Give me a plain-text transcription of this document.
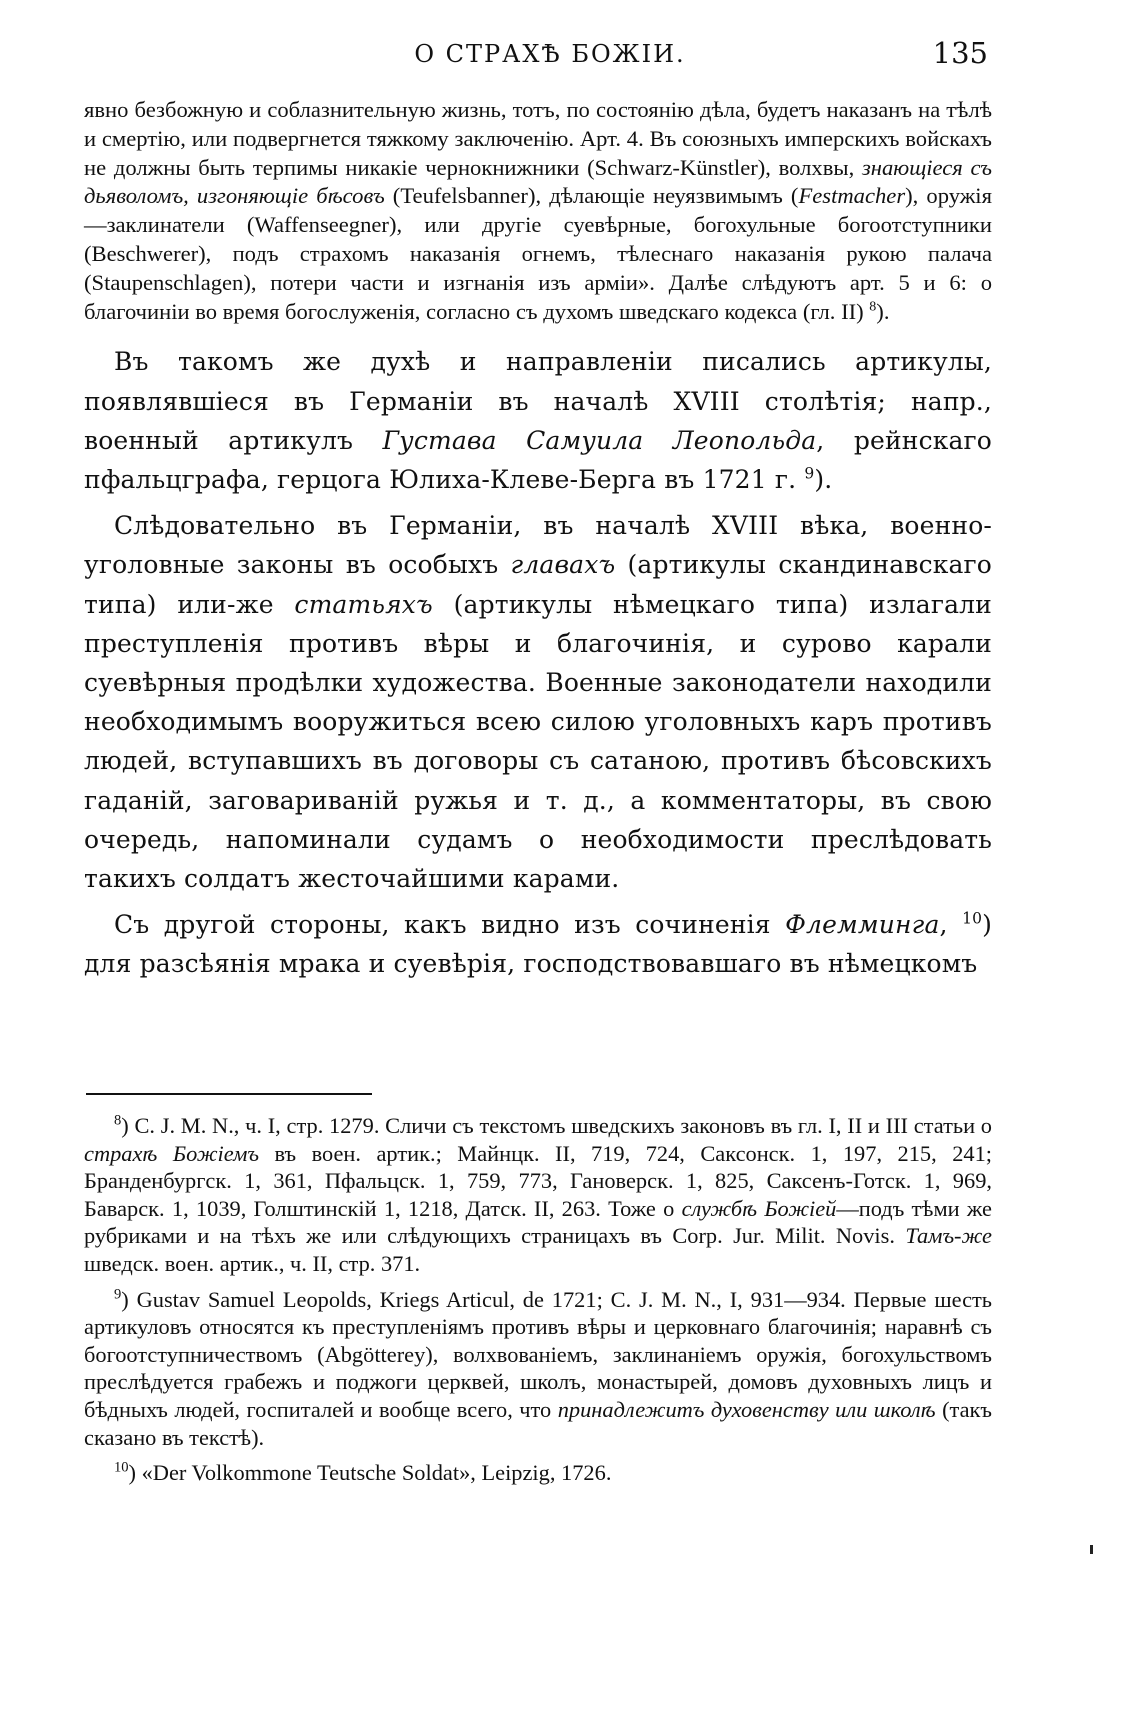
О СТРАХѢ БОЖІИ.	135

явно безбожную и соблазнительную жизнь, тотъ, по состоянію дѣла, будетъ наказанъ на тѣлѣ и смертію, или подвергнется тяжкому заключенію. Арт. 4. Въ союзныхъ имперскихъ войскахъ не должны быть терпимы никакіе чернокнижники (Schwarz-Künstler), волхвы, знающіеся съ дьяволомъ, изгоняющіе бѣсовъ (Teufelsbanner), дѣлающіе неуязвимымъ (Festmacher), оружія—заклинатели (Waffenseegner), или другіе суевѣрные, богохульные богоотступники (Beschwerer), подъ страхомъ наказанія огнемъ, тѣлеснаго наказанія рукою палача (Staupenschlagen), потери части и изгнанія изъ арміи». Далѣе слѣдуютъ арт. 5 и 6: о благочиніи во время богослуженія, согласно съ духомъ шведскаго кодекса (гл. II) $^8$).

Въ такомъ же духѣ и направленіи писались артикулы, появлявшіеся въ Германіи въ началѣ XVIII столѣтія; напр., военный артикулъ Густава Самуила Леопольда, рейнскаго пфальцграфа, герцога Юлиха-Клеве-Берга въ 1721 г. $^9$).

Слѣдовательно въ Германіи, въ началѣ XVIII вѣка, военно-уголовные законы въ особыхъ главахъ (артикулы скандинавскаго типа) или-же статьяхъ (артикулы нѣмецкаго типа) излагали преступленія противъ вѣры и благочинія, и сурово карали суевѣрныя продѣлки художества. Военные законодатели находили необходимымъ вооружиться всею силою уголовныхъ каръ противъ людей, вступавшихъ въ договоры съ сатаною, противъ бѣсовскихъ гаданій, заговариваній ружья и т. д., а комментаторы, въ свою очередь, напоминали судамъ о необходимости преслѣдовать такихъ солдатъ жесточайшими карами.

Съ другой стороны, какъ видно изъ сочиненія Флемминга, $^{10}$) для разсѣянія мрака и суевѣрія, господствовавшаго въ нѣмецкомъ

$^8$) C. J. M. N., ч. I, стр. 1279. Сличи съ текстомъ шведскихъ законовъ въ гл. I, II и III статьи о страхѣ Божіемъ въ воен. артик.; Майнцк. II, 719, 724, Саксонск. 1, 197, 215, 241; Бранденбургск. 1, 361, Пфальцск. 1, 759, 773, Гановерск. 1, 825, Саксенъ-Готск. 1, 969, Баварск. 1, 1039, Голштинскій 1, 1218, Датск. II, 263. Тоже о службѣ Божіей—подъ тѣми же рубриками и на тѣхъ же или слѣдующихъ страницахъ въ Corp. Jur. Milit. Novis. Тамъ-же шведск. воен. артик., ч. II, стр. 371.

$^9$) Gustav Samuel Leopolds, Kriegs Articul, de 1721; C. J. M. N., I, 931—934. Первые шесть артикуловъ относятся къ преступленіямъ противъ вѣры и церковнаго благочинія; наравнѣ съ богоотступничествомъ (Abgötterey), волхвованіемъ, заклинаніемъ оружія, богохульствомъ преслѣдуется грабежъ и поджоги церквей, школъ, монастырей, домовъ духовныхъ лицъ и бѣдныхъ людей, госпиталей и вообще всего, что принадлежитъ духовенству или школѣ (такъ сказано въ текстѣ).

$^{10}$) «Der Volkommone Teutsche Soldat», Leipzig, 1726.
